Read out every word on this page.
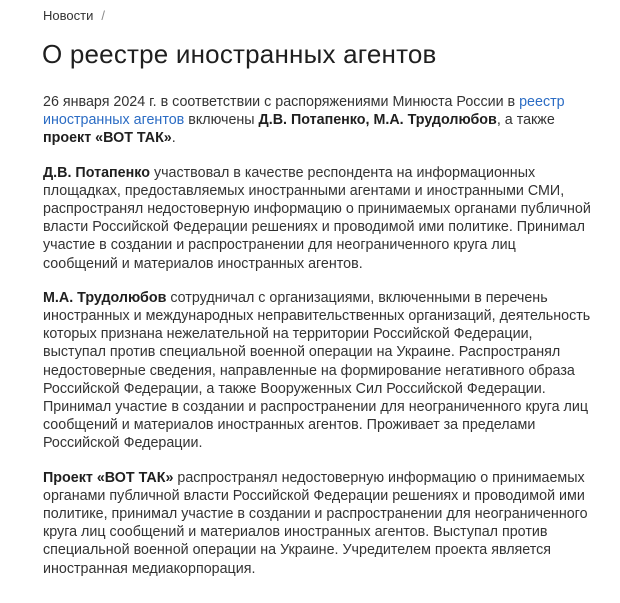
Новости /
О реестре иностранных агентов

26 января 2024 г. в соответствии с распоряжениями Минюста России в реестр иностранных агентов включены Д.В. Потапенко, М.А. Трудолюбов, а также проект «ВОТ ТАК».

Д.В. Потапенко участвовал в качестве респондента на информационных площадках, предоставляемых иностранными агентами и иностранными СМИ, распространял недостоверную информацию о принимаемых органами публичной власти Российской Федерации решениях и проводимой ими политике. Принимал участие в создании и распространении для неограниченного круга лиц сообщений и материалов иностранных агентов.

М.А. Трудолюбов сотрудничал с организациями, включенными в перечень иностранных и международных неправительственных организаций, деятельность которых признана нежелательной на территории Российской Федерации, выступал против специальной военной операции на Украине. Распространял недостоверные сведения, направленные на формирование негативного образа Российской Федерации, а также Вооруженных Сил Российской Федерации. Принимал участие в создании и распространении для неограниченного круга лиц сообщений и материалов иностранных агентов. Проживает за пределами Российской Федерации.

Проект «ВОТ ТАК» распространял недостоверную информацию о принимаемых органами публичной власти Российской Федерации решениях и проводимой ими политике, принимал участие в создании и распространении для неограниченного круга лиц сообщений и материалов иностранных агентов. Выступал против специальной военной операции на Украине. Учредителем проекта является иностранная медиакорпорация.
